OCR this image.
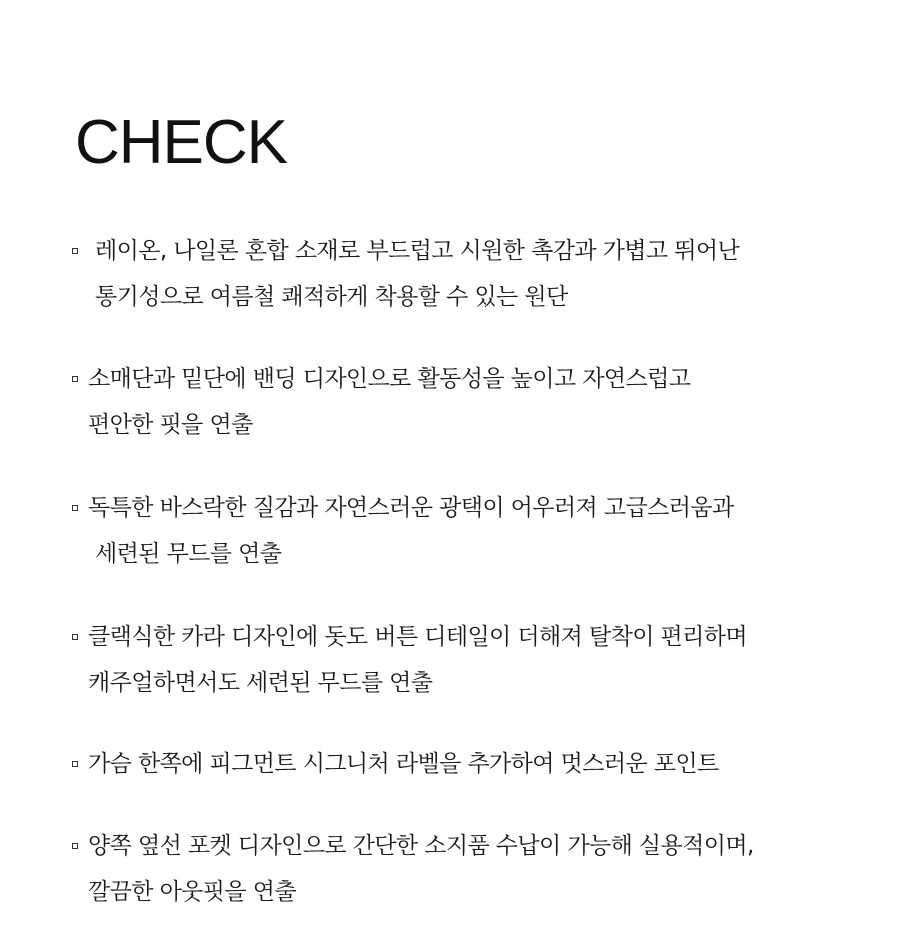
CHECK
레이온, 나일론 혼합 소재로 부드럽고 시원한 촉감과 가볍고 뛰어난
통기성으로 여름철 쾌적하게 착용할 수 있는 원단
소매단과 밑단에 밴딩 디자인으로 활동성을 높이고 자연스럽고
편안한 핏을 연출
독특한 바스락한 질감과 자연스러운 광택이 어우러져 고급스러움과
세련된 무드를 연출
클랙식한 카라 디자인에 돗도 버튼 디테일이 더해져 탈착이 편리하며
캐주얼하면서도 세련된 무드를 연출
가슴 한쪽에 피그먼트 시그니처 라벨을 추가하여 멋스러운 포인트
양쪽 옆선 포켓 디자인으로 간단한 소지품 수납이 가능해 실용적이며,
깔끔한 아웃핏을 연출
